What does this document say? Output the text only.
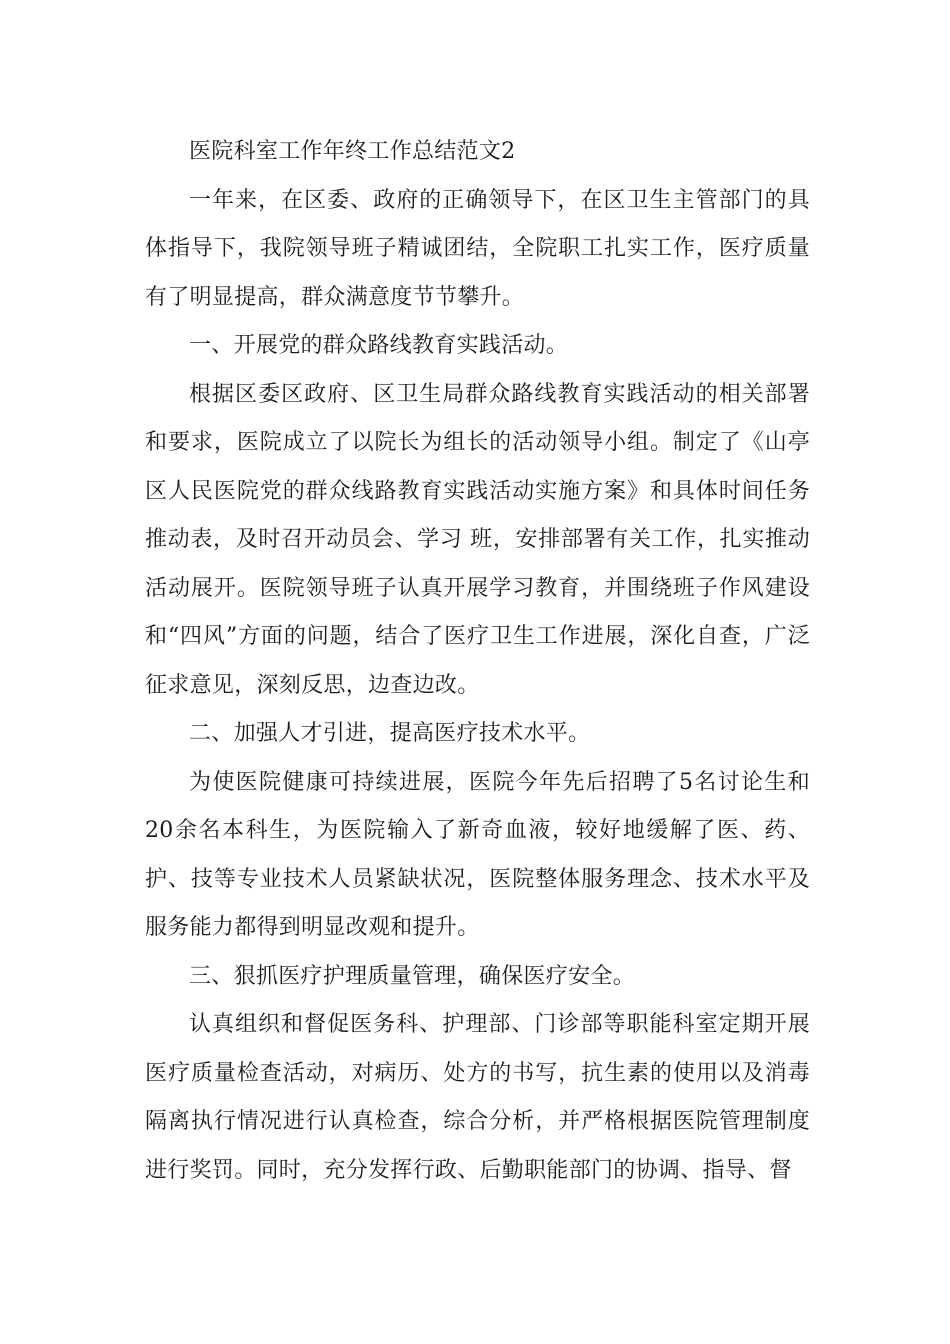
医院科室工作年终工作总结范文2

一年来，在区委、政府的正确领导下，在区卫生主管部门的具体指导下，我院领导班子精诚团结，全院职工扎实工作，医疗质量有了明显提高，群众满意度节节攀升。

一、开展党的群众路线教育实践活动。

根据区委区政府、区卫生局群众路线教育实践活动的相关部署和要求，医院成立了以院长为组长的活动领导小组。制定了《山亭区人民医院党的群众线路教育实践活动实施方案》和具体时间任务推动表，及时召开动员会、学习 班，安排部署有关工作，扎实推动活动展开。医院领导班子认真开展学习教育，并围绕班子作风建设和“四风”方面的问题，结合了医疗卫生工作进展，深化自查，广泛征求意见，深刻反思，边查边改。

二、加强人才引进，提高医疗技术水平。

为使医院健康可持续进展，医院今年先后招聘了5名讨论生和20余名本科生，为医院输入了新奇血液，较好地缓解了医、药、护、技等专业技术人员紧缺状况，医院整体服务理念、技术水平及服务能力都得到明显改观和提升。

三、狠抓医疗护理质量管理，确保医疗安全。

认真组织和督促医务科、护理部、门诊部等职能科室定期开展医疗质量检查活动，对病历、处方的书写，抗生素的使用以及消毒隔离执行情况进行认真检查，综合分析，并严格根据医院管理制度进行奖罚。同时，充分发挥行政、后勤职能部门的协调、指导、督
